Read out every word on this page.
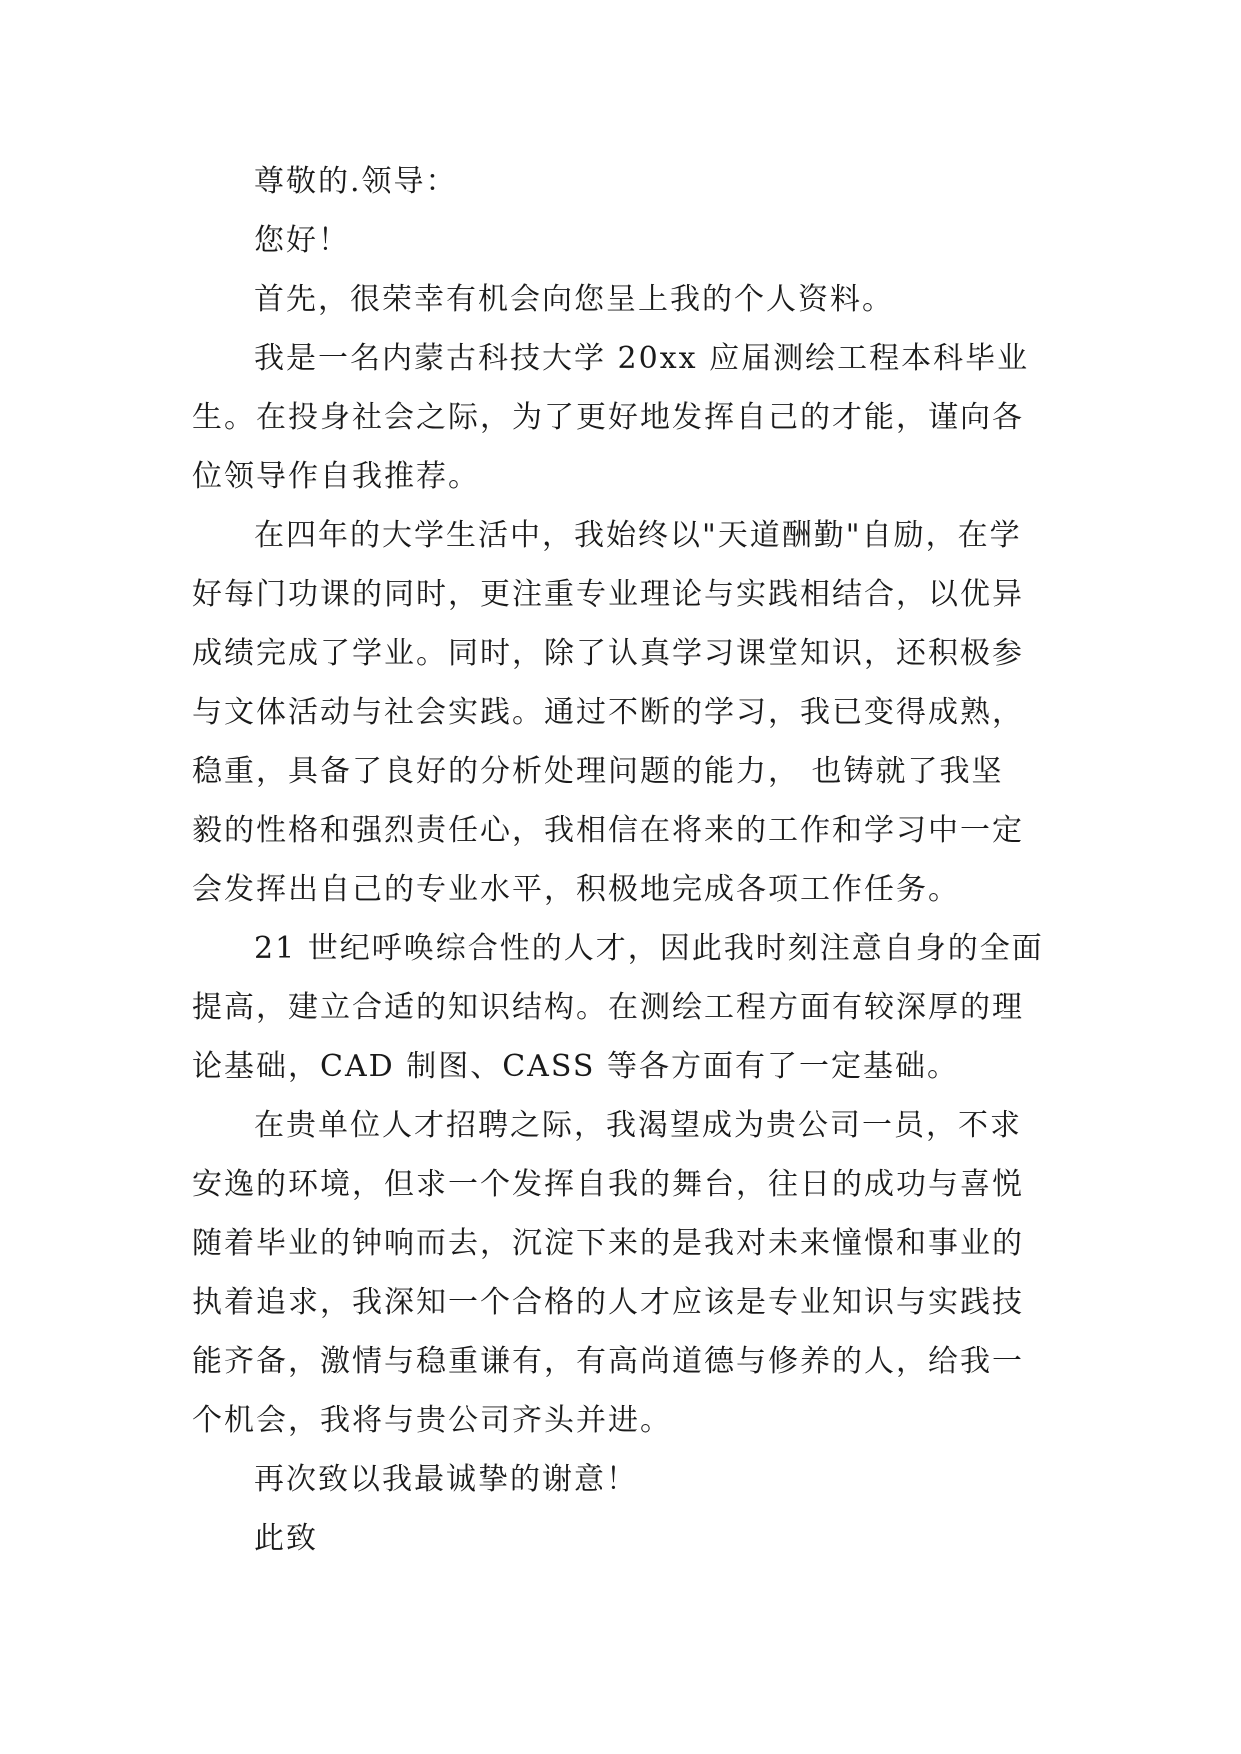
尊敬的.领导：
您好！
首先，很荣幸有机会向您呈上我的个人资料。
我是一名内蒙古科技大学 20xx 应届测绘工程本科毕业
生。在投身社会之际，为了更好地发挥自己的才能，谨向各
位领导作自我推荐。
在四年的大学生活中，我始终以"天道酬勤"自励，在学
好每门功课的同时，更注重专业理论与实践相结合，以优异
成绩完成了学业。同时，除了认真学习课堂知识，还积极参
与文体活动与社会实践。通过不断的学习，我已变得成熟，
稳重，具备了良好的分析处理问题的能力， 也铸就了我坚
毅的性格和强烈责任心，我相信在将来的工作和学习中一定
会发挥出自己的专业水平，积极地完成各项工作任务。
21 世纪呼唤综合性的人才，因此我时刻注意自身的全面
提高，建立合适的知识结构。在测绘工程方面有较深厚的理
论基础，CAD 制图、CASS 等各方面有了一定基础。
在贵单位人才招聘之际，我渴望成为贵公司一员，不求
安逸的环境，但求一个发挥自我的舞台，往日的成功与喜悦
随着毕业的钟响而去，沉淀下来的是我对未来憧憬和事业的
执着追求，我深知一个合格的人才应该是专业知识与实践技
能齐备，激情与稳重谦有，有高尚道德与修养的人，给我一
个机会，我将与贵公司齐头并进。
再次致以我最诚挚的谢意！
此致
